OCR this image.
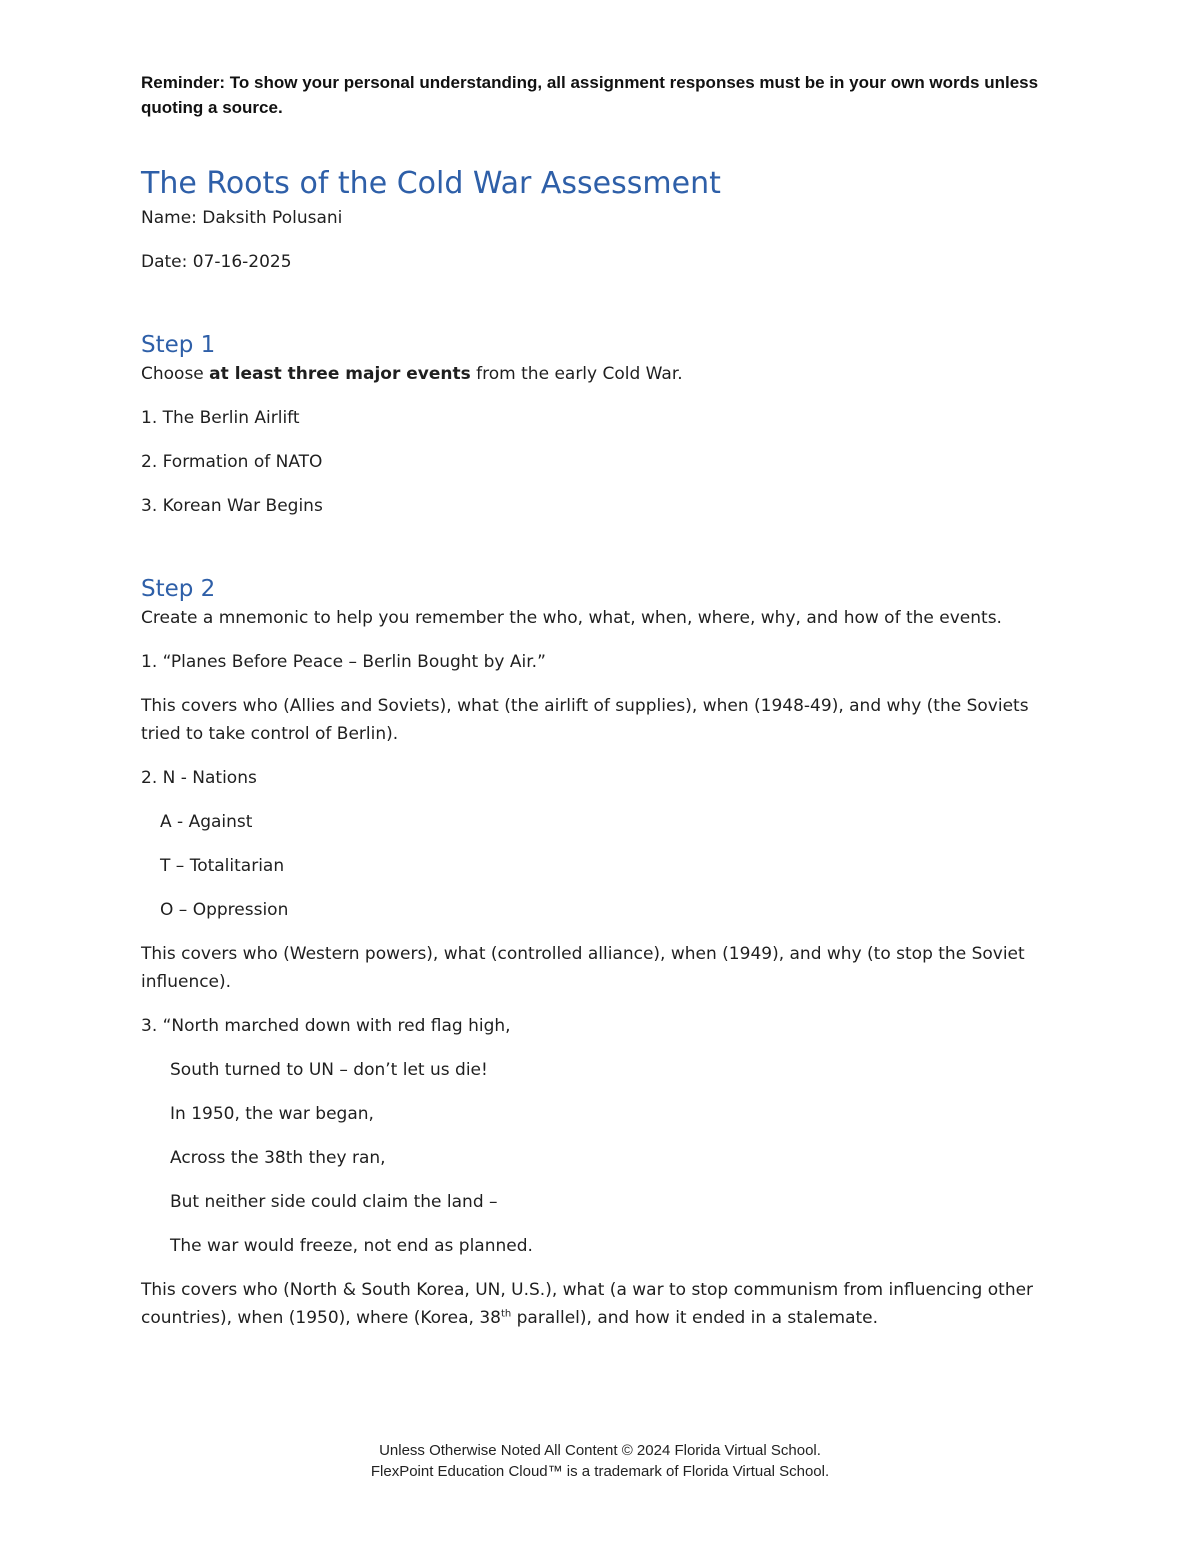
Reminder: To show your personal understanding, all assignment responses must be in your own words unless quoting a source.

The Roots of the Cold War Assessment

Name: Daksith Polusani

Date: 07-16-2025

Step 1

Choose at least three major events from the early Cold War.

1. The Berlin Airlift

2. Formation of NATO

3. Korean War Begins

Step 2

Create a mnemonic to help you remember the who, what, when, where, why, and how of the events.

1. “Planes Before Peace – Berlin Bought by Air.”

This covers who (Allies and Soviets), what (the airlift of supplies), when (1948-49), and why (the Soviets tried to take control of Berlin).

2. N - Nations

A - Against

T – Totalitarian

O – Oppression

This covers who (Western powers), what (controlled alliance), when (1949), and why (to stop the Soviet influence).

3. “North marched down with red flag high,

South turned to UN – don’t let us die!

In 1950, the war began,

Across the 38th they ran,

But neither side could claim the land –

The war would freeze, not end as planned.

This covers who (North & South Korea, UN, U.S.), what (a war to stop communism from influencing other countries), when (1950), where (Korea, 38th parallel), and how it ended in a stalemate.

Unless Otherwise Noted All Content © 2024 Florida Virtual School.
FlexPoint Education Cloud™ is a trademark of Florida Virtual School.
